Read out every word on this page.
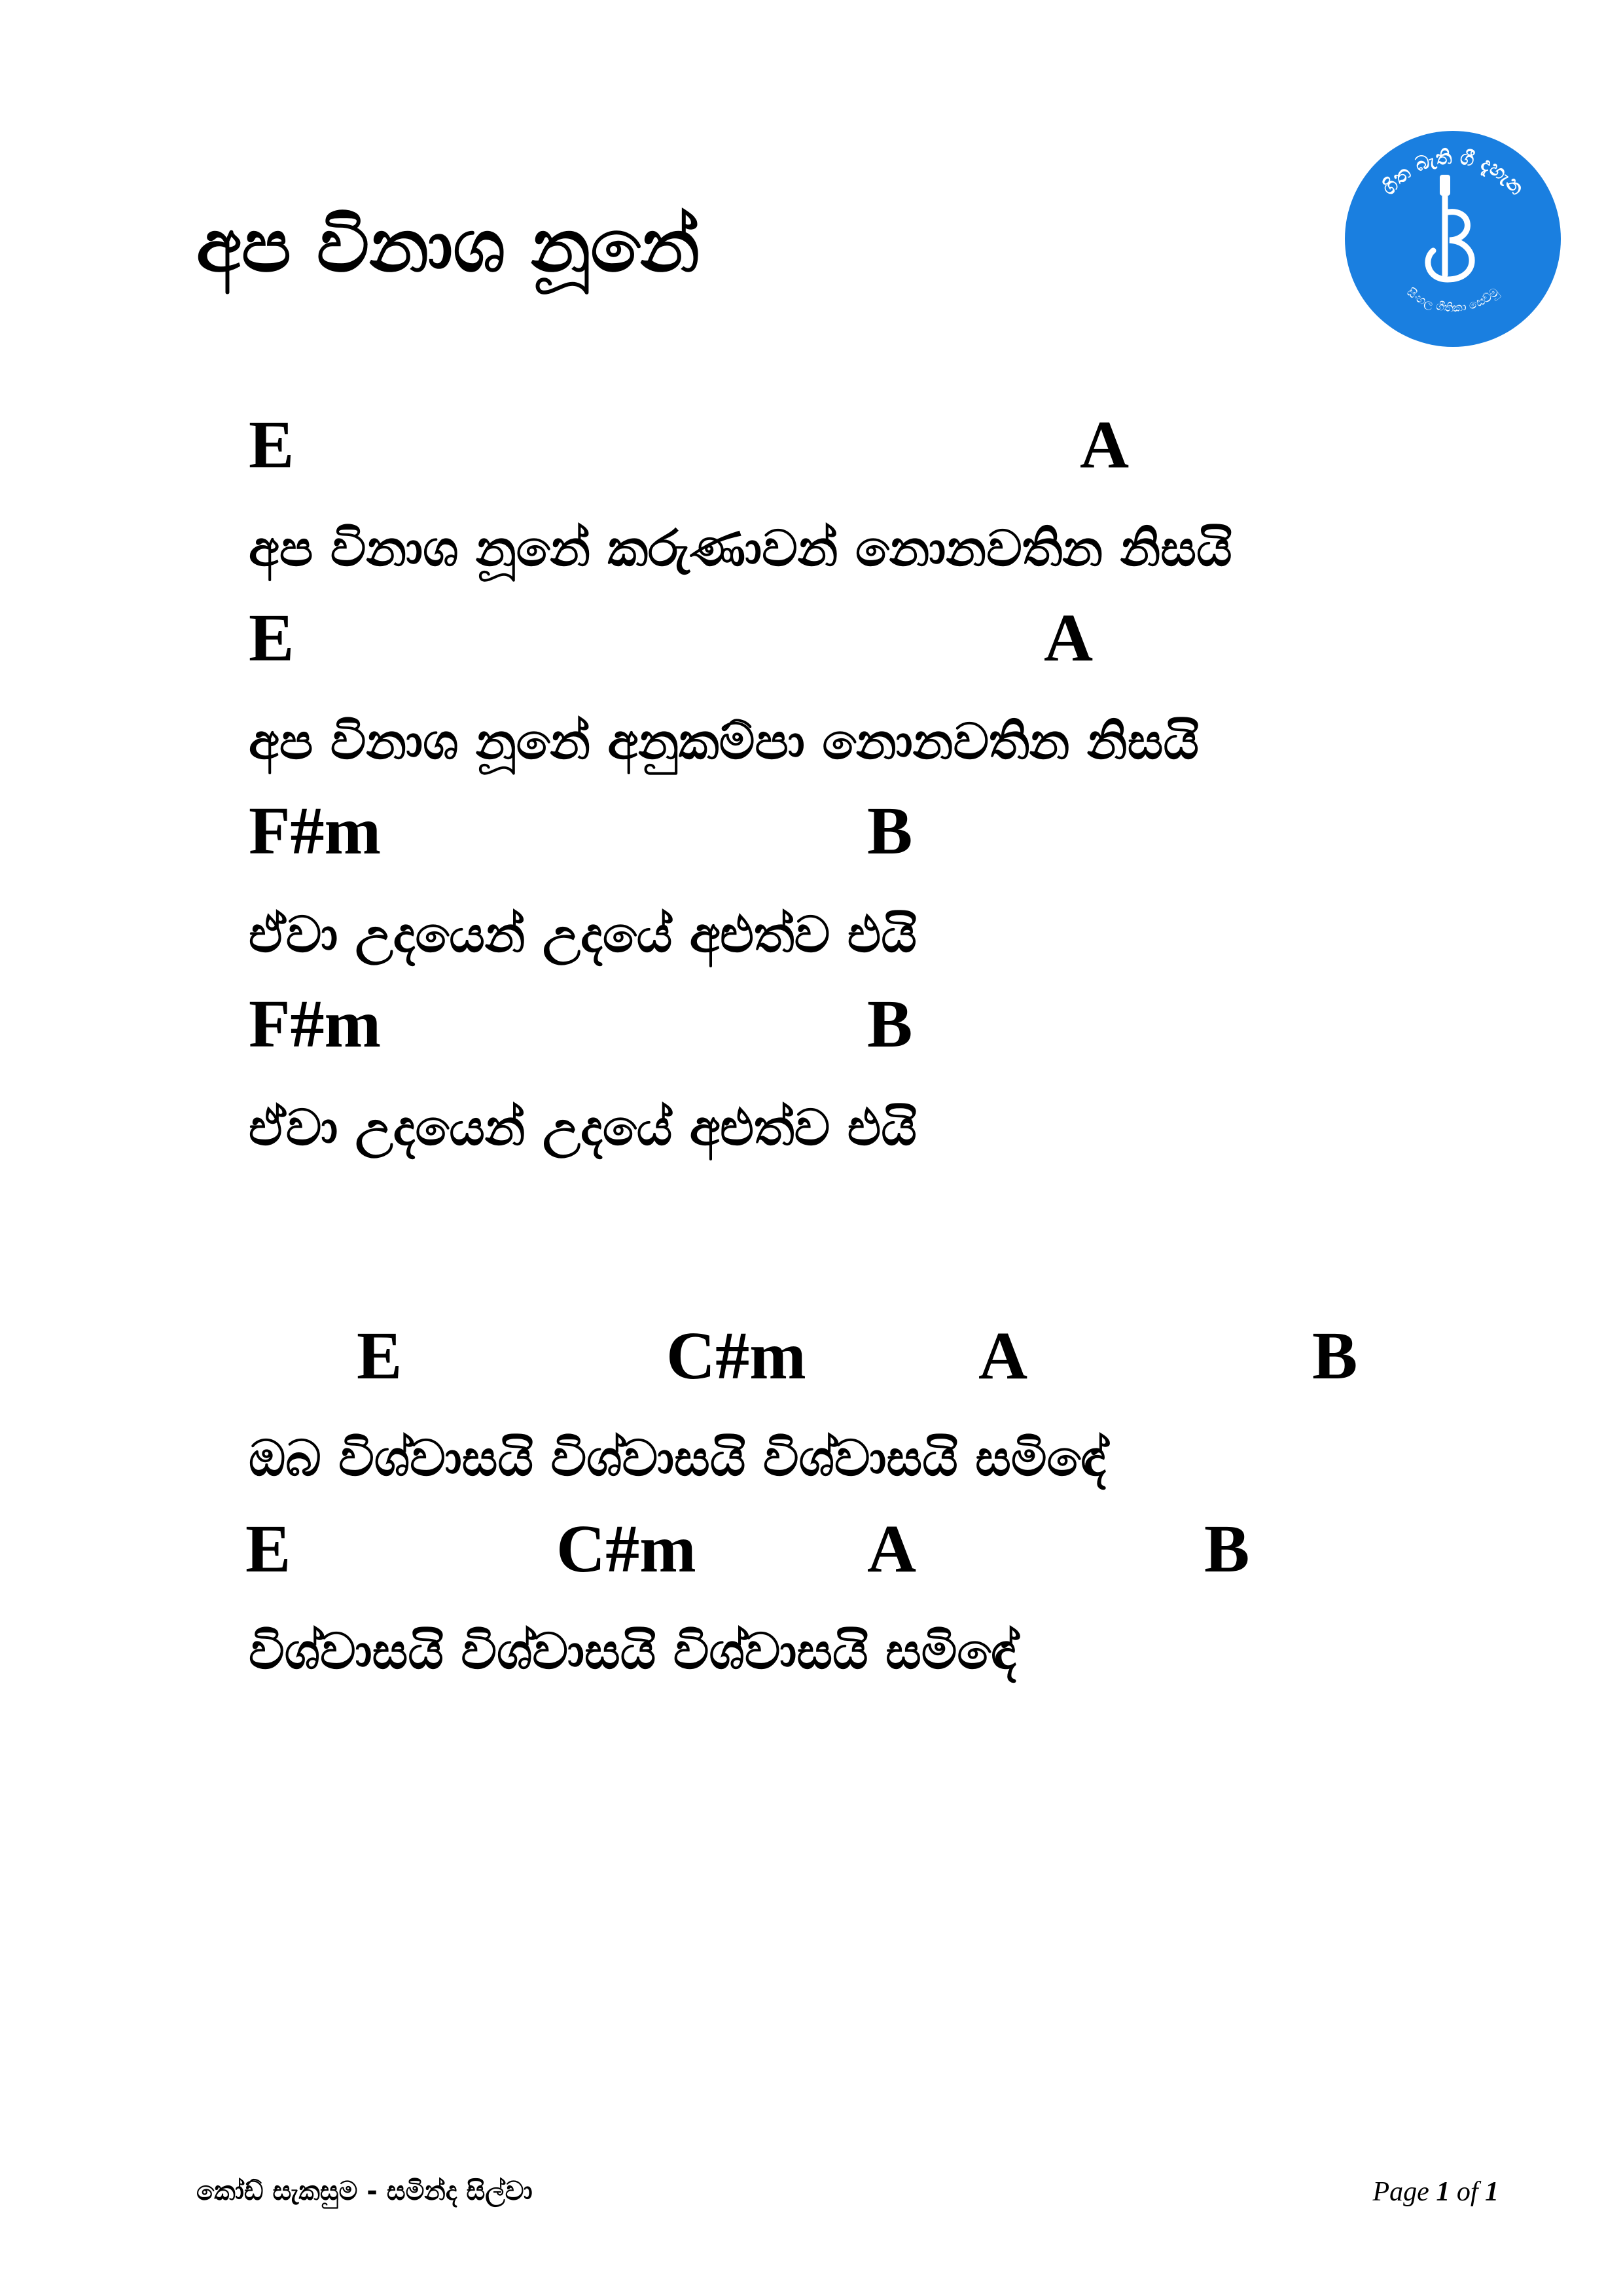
අප විනාශ නූනේ
ගිත බැති ගී දැහැන
සිංහල ගීතිකා සෙව්මු
E	A
අප විනාශ නූනේ කරුණාවන් නොනවතින නිසයි
E	A
අප විනාශ නූනේ අනුකම්පා නොනවතින නිසයි
F#m	B
ඒවා උදයෙන් උදයේ අළුත්ව එයි
F#m	B
ඒවා උදයෙන් උදයේ අළුත්ව එයි
E	C#m	A	B
ඔබ විශ්වාසයි විශ්වාසයි විශ්වාසයි සමිඳේ
E	C#m	A	B
විශ්වාසයි විශ්වාසයි විශ්වාසයි සමිඳේ
කෝඩ් සැකසුම - සමින්ද සිල්වා	Page 1 of 1
